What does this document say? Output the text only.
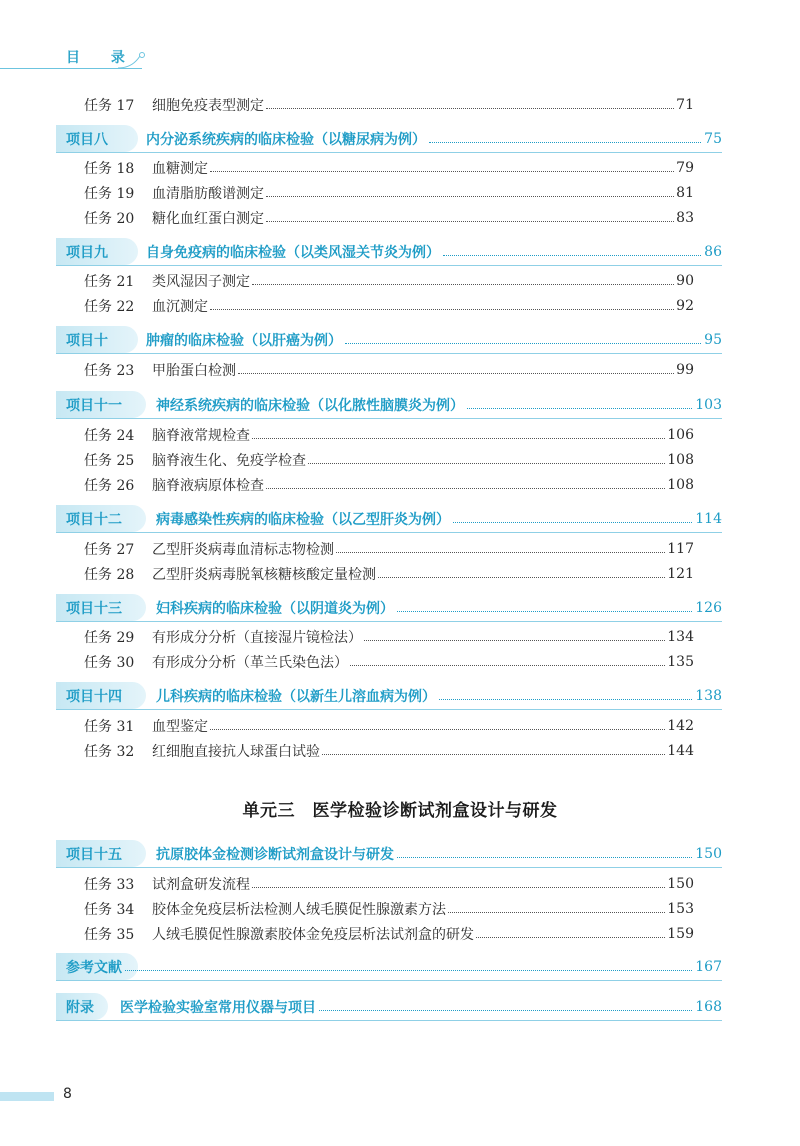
目 录
任务 17	细胞免疫表型测定	71
项目八	内分泌系统疾病的临床检验（以糖尿病为例）	75
任务 18	血糖测定	79
任务 19	血清脂肪酸谱测定	81
任务 20	糖化血红蛋白测定	83
项目九	自身免疫病的临床检验（以类风湿关节炎为例）	86
任务 21	类风湿因子测定	90
任务 22	血沉测定	92
项目十	肿瘤的临床检验（以肝癌为例）	95
任务 23	甲胎蛋白检测	99
项目十一	神经系统疾病的临床检验（以化脓性脑膜炎为例）	103
任务 24	脑脊液常规检查	106
任务 25	脑脊液生化、免疫学检查	108
任务 26	脑脊液病原体检查	108
项目十二	病毒感染性疾病的临床检验（以乙型肝炎为例）	114
任务 27	乙型肝炎病毒血清标志物检测	117
任务 28	乙型肝炎病毒脱氧核糖核酸定量检测	121
项目十三	妇科疾病的临床检验（以阴道炎为例）	126
任务 29	有形成分分析（直接湿片镜检法）	134
任务 30	有形成分分析（革兰氏染色法）	135
项目十四	儿科疾病的临床检验（以新生儿溶血病为例）	138
任务 31	血型鉴定	142
任务 32	红细胞直接抗人球蛋白试验	144
单元三　医学检验诊断试剂盒设计与研发
项目十五	抗原胶体金检测诊断试剂盒设计与研发	150
任务 33	试剂盒研发流程	150
任务 34	胶体金免疫层析法检测人绒毛膜促性腺激素方法	153
任务 35	人绒毛膜促性腺激素胶体金免疫层析法试剂盒的研发	159
参考文献	167
附录	医学检验实验室常用仪器与项目	168
8
